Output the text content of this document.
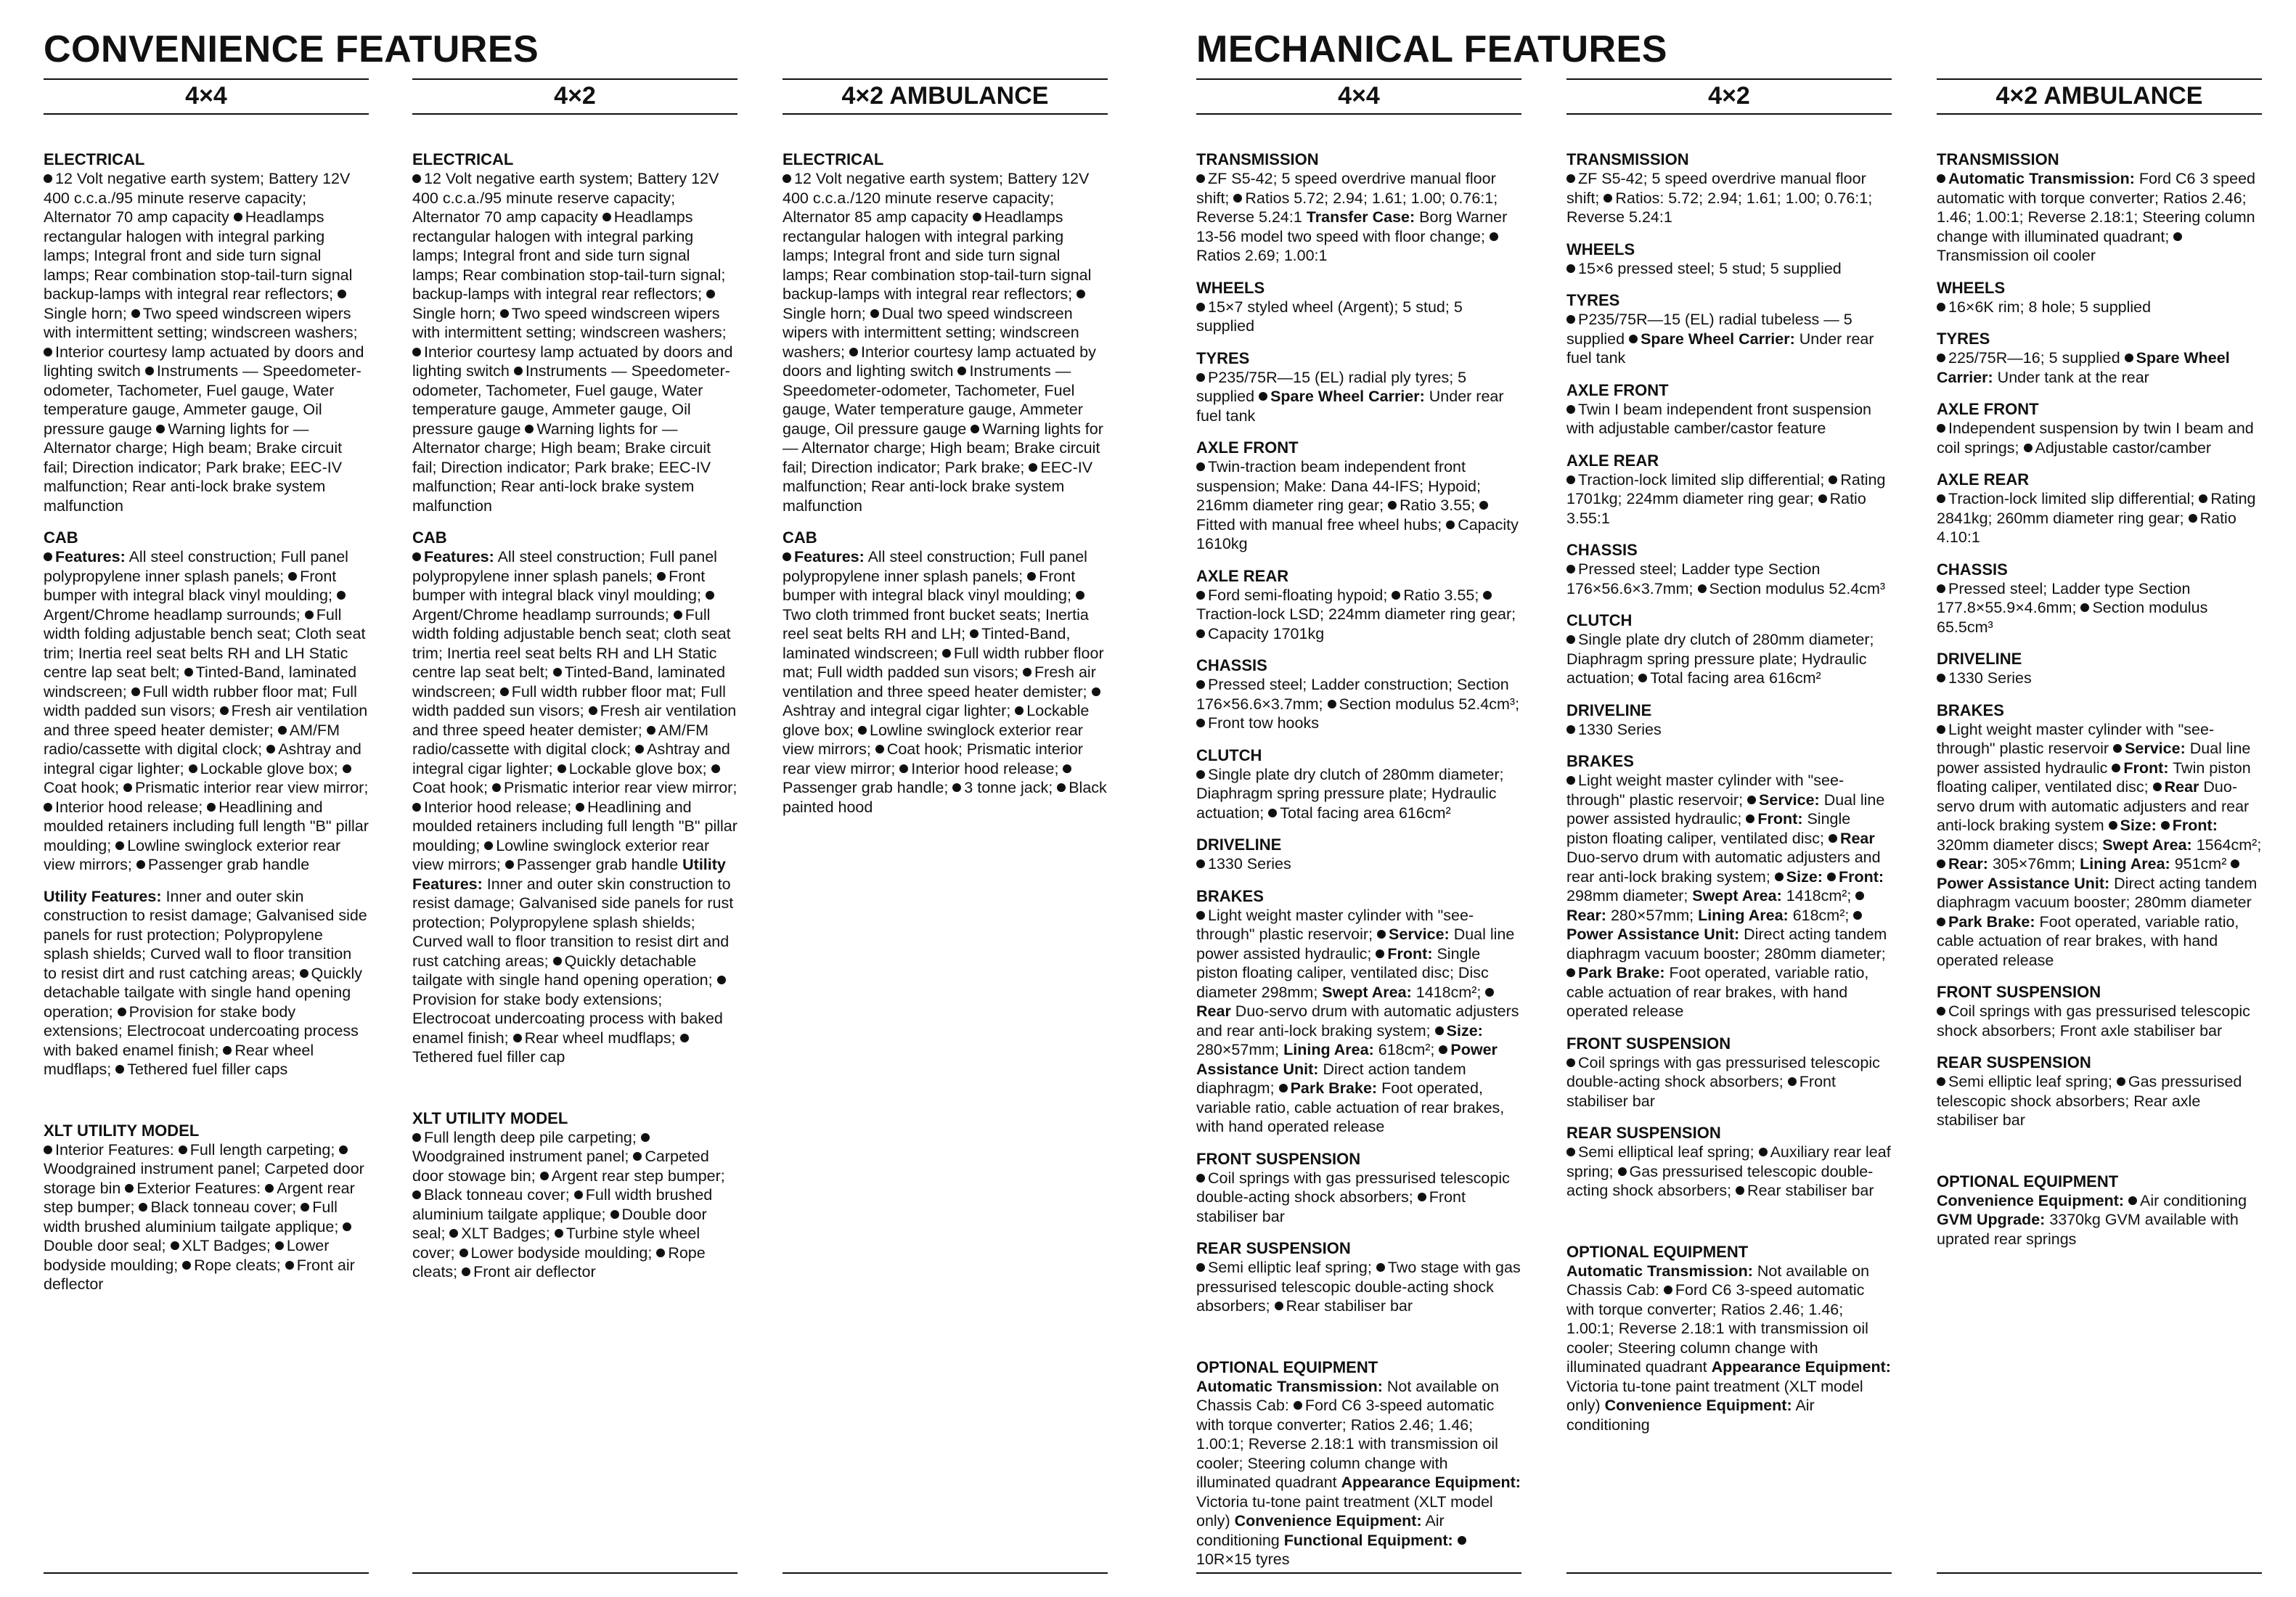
CONVENIENCE FEATURES	MECHANICAL FEATURES
4×4
ELECTRICAL
12 Volt negative earth system; Battery 12V 400 c.c.a./95 minute reserve capacity; Alternator 70 amp capacity Headlamps rectangular halogen with integral parking lamps; Integral front and side turn signal lamps; Rear combination stop-tail-turn signal backup-lamps with integral rear reflectors; Single horn; Two speed windscreen wipers with intermittent setting; windscreen washers; Interior courtesy lamp actuated by doors and lighting switch Instruments — Speedometer-odometer, Tachometer, Fuel gauge, Water temperature gauge, Ammeter gauge, Oil pressure gauge Warning lights for — Alternator charge; High beam; Brake circuit fail; Direction indicator; Park brake; EEC-IV malfunction; Rear anti-lock brake system malfunction
CAB
Features: All steel construction; Full panel polypropylene inner splash panels; Front bumper with integral black vinyl moulding; Argent/Chrome headlamp surrounds; Full width folding adjustable bench seat; Cloth seat trim; Inertia reel seat belts RH and LH Static centre lap seat belt; Tinted-Band, laminated windscreen; Full width rubber floor mat; Full width padded sun visors; Fresh air ventilation and three speed heater demister; AM/FM radio/cassette with digital clock; Ashtray and integral cigar lighter; Lockable glove box; Coat hook; Prismatic interior rear view mirror; Interior hood release; Headlining and moulded retainers including full length "B" pillar moulding; Lowline swinglock exterior rear view mirrors; Passenger grab handle
Utility Features: Inner and outer skin construction to resist damage; Galvanised side panels for rust protection; Polypropylene splash shields; Curved wall to floor transition to resist dirt and rust catching areas; Quickly detachable tailgate with single hand opening operation; Provision for stake body extensions; Electrocoat undercoating process with baked enamel finish; Rear wheel mudflaps; Tethered fuel filler caps
XLT UTILITY MODEL
Interior Features: Full length carpeting; Woodgrained instrument panel; Carpeted door storage bin Exterior Features: Argent rear step bumper; Black tonneau cover; Full width brushed aluminium tailgate applique; Double door seal; XLT Badges; Lower bodyside moulding; Rope cleats; Front air deflector
4×2
ELECTRICAL
12 Volt negative earth system; Battery 12V 400 c.c.a./95 minute reserve capacity; Alternator 70 amp capacity Headlamps rectangular halogen with integral parking lamps; Integral front and side turn signal lamps; Rear combination stop-tail-turn signal; backup-lamps with integral rear reflectors; Single horn; Two speed windscreen wipers with intermittent setting; windscreen washers; Interior courtesy lamp actuated by doors and lighting switch Instruments — Speedometer-odometer, Tachometer, Fuel gauge, Water temperature gauge, Ammeter gauge, Oil pressure gauge Warning lights for — Alternator charge; High beam; Brake circuit fail; Direction indicator; Park brake; EEC-IV malfunction; Rear anti-lock brake system malfunction
CAB
Features: All steel construction; Full panel polypropylene inner splash panels; Front bumper with integral black vinyl moulding; Argent/Chrome headlamp surrounds; Full width folding adjustable bench seat; cloth seat trim; Inertia reel seat belts RH and LH Static centre lap seat belt; Tinted-Band, laminated windscreen; Full width rubber floor mat; Full width padded sun visors; Fresh air ventilation and three speed heater demister; AM/FM radio/cassette with digital clock; Ashtray and integral cigar lighter; Lockable glove box; Coat hook; Prismatic interior rear view mirror; Interior hood release; Headlining and moulded retainers including full length "B" pillar moulding; Lowline swinglock exterior rear view mirrors; Passenger grab handle Utility Features: Inner and outer skin construction to resist damage; Galvanised side panels for rust protection; Polypropylene splash shields; Curved wall to floor transition to resist dirt and rust catching areas; Quickly detachable tailgate with single hand opening operation; Provision for stake body extensions; Electrocoat undercoating process with baked enamel finish; Rear wheel mudflaps; Tethered fuel filler cap
XLT UTILITY MODEL
Full length deep pile carpeting; Woodgrained instrument panel; Carpeted door stowage bin; Argent rear step bumper; Black tonneau cover; Full width brushed aluminium tailgate applique; Double door seal; XLT Badges; Turbine style wheel cover; Lower bodyside moulding; Rope cleats; Front air deflector
4×2 AMBULANCE
ELECTRICAL
12 Volt negative earth system; Battery 12V 400 c.c.a./120 minute reserve capacity; Alternator 85 amp capacity Headlamps rectangular halogen with integral parking lamps; Integral front and side turn signal lamps; Rear combination stop-tail-turn signal backup-lamps with integral rear reflectors; Single horn; Dual two speed windscreen wipers with intermittent setting; windscreen washers; Interior courtesy lamp actuated by doors and lighting switch Instruments — Speedometer-odometer, Tachometer, Fuel gauge, Water temperature gauge, Ammeter gauge, Oil pressure gauge Warning lights for — Alternator charge; High beam; Brake circuit fail; Direction indicator; Park brake; EEC-IV malfunction; Rear anti-lock brake system malfunction
CAB
Features: All steel construction; Full panel polypropylene inner splash panels; Front bumper with integral black vinyl moulding; Two cloth trimmed front bucket seats; Inertia reel seat belts RH and LH; Tinted-Band, laminated windscreen; Full width rubber floor mat; Full width padded sun visors; Fresh air ventilation and three speed heater demister; Ashtray and integral cigar lighter; Lockable glove box; Lowline swinglock exterior rear view mirrors; Coat hook; Prismatic interior rear view mirror; Interior hood release; Passenger grab handle; 3 tonne jack; Black painted hood
4×4
TRANSMISSION
ZF S5-42; 5 speed overdrive manual floor shift; Ratios 5.72; 2.94; 1.61; 1.00; 0.76:1; Reverse 5.24:1 Transfer Case: Borg Warner 13-56 model two speed with floor change; Ratios 2.69; 1.00:1
WHEELS
15×7 styled wheel (Argent); 5 stud; 5 supplied
TYRES
P235/75R—15 (EL) radial ply tyres; 5 supplied Spare Wheel Carrier: Under rear fuel tank
AXLE FRONT
Twin-traction beam independent front suspension; Make: Dana 44-IFS; Hypoid; 216mm diameter ring gear; Ratio 3.55; Fitted with manual free wheel hubs; Capacity 1610kg
AXLE REAR
Ford semi-floating hypoid; Ratio 3.55; Traction-lock LSD; 224mm diameter ring gear; Capacity 1701kg
CHASSIS
Pressed steel; Ladder construction; Section 176×56.6×3.7mm; Section modulus 52.4cm³; Front tow hooks
CLUTCH
Single plate dry clutch of 280mm diameter; Diaphragm spring pressure plate; Hydraulic actuation; Total facing area 616cm²
DRIVELINE
1330 Series
BRAKES
Light weight master cylinder with "see-through" plastic reservoir; Service: Dual line power assisted hydraulic; Front: Single piston floating caliper, ventilated disc; Disc diameter 298mm; Swept Area: 1418cm²; Rear Duo-servo drum with automatic adjusters and rear anti-lock braking system; Size: 280×57mm; Lining Area: 618cm²; Power Assistance Unit: Direct action tandem diaphragm; Park Brake: Foot operated, variable ratio, cable actuation of rear brakes, with hand operated release
FRONT SUSPENSION
Coil springs with gas pressurised telescopic double-acting shock absorbers; Front stabiliser bar
REAR SUSPENSION
Semi elliptic leaf spring; Two stage with gas pressurised telescopic double-acting shock absorbers; Rear stabiliser bar
OPTIONAL EQUIPMENT
Automatic Transmission: Not available on Chassis Cab: Ford C6 3-speed automatic with torque converter; Ratios 2.46; 1.46; 1.00:1; Reverse 2.18:1 with transmission oil cooler; Steering column change with illuminated quadrant Appearance Equipment: Victoria tu-tone paint treatment (XLT model only) Convenience Equipment: Air conditioning Functional Equipment: 10R×15 tyres
4×2
TRANSMISSION
ZF S5-42; 5 speed overdrive manual floor shift; Ratios: 5.72; 2.94; 1.61; 1.00; 0.76:1; Reverse 5.24:1
WHEELS
15×6 pressed steel; 5 stud; 5 supplied
TYRES
P235/75R—15 (EL) radial tubeless — 5 supplied Spare Wheel Carrier: Under rear fuel tank
AXLE FRONT
Twin I beam independent front suspension with adjustable camber/castor feature
AXLE REAR
Traction-lock limited slip differential; Rating 1701kg; 224mm diameter ring gear; Ratio 3.55:1
CHASSIS
Pressed steel; Ladder type Section 176×56.6×3.7mm; Section modulus 52.4cm³
CLUTCH
Single plate dry clutch of 280mm diameter; Diaphragm spring pressure plate; Hydraulic actuation; Total facing area 616cm²
DRIVELINE
1330 Series
BRAKES
Light weight master cylinder with "see-through" plastic reservoir; Service: Dual line power assisted hydraulic; Front: Single piston floating caliper, ventilated disc; Rear Duo-servo drum with automatic adjusters and rear anti-lock braking system; Size: Front: 298mm diameter; Swept Area: 1418cm²; Rear: 280×57mm; Lining Area: 618cm²; Power Assistance Unit: Direct acting tandem diaphragm vacuum booster; 280mm diameter; Park Brake: Foot operated, variable ratio, cable actuation of rear brakes, with hand operated release
FRONT SUSPENSION
Coil springs with gas pressurised telescopic double-acting shock absorbers; Front stabiliser bar
REAR SUSPENSION
Semi elliptical leaf spring; Auxiliary rear leaf spring; Gas pressurised telescopic double-acting shock absorbers; Rear stabiliser bar
OPTIONAL EQUIPMENT
Automatic Transmission: Not available on Chassis Cab: Ford C6 3-speed automatic with torque converter; Ratios 2.46; 1.46; 1.00:1; Reverse 2.18:1 with transmission oil cooler; Steering column change with illuminated quadrant Appearance Equipment: Victoria tu-tone paint treatment (XLT model only) Convenience Equipment: Air conditioning
4×2 AMBULANCE
TRANSMISSION
Automatic Transmission: Ford C6 3 speed automatic with torque converter; Ratios 2.46; 1.46; 1.00:1; Reverse 2.18:1; Steering column change with illuminated quadrant; Transmission oil cooler
WHEELS
16×6K rim; 8 hole; 5 supplied
TYRES
225/75R—16; 5 supplied Spare Wheel Carrier: Under tank at the rear
AXLE FRONT
Independent suspension by twin I beam and coil springs; Adjustable castor/camber
AXLE REAR
Traction-lock limited slip differential; Rating 2841kg; 260mm diameter ring gear; Ratio 4.10:1
CHASSIS
Pressed steel; Ladder type Section 177.8×55.9×4.6mm; Section modulus 65.5cm³
DRIVELINE
1330 Series
BRAKES
Light weight master cylinder with "see-through" plastic reservoir Service: Dual line power assisted hydraulic Front: Twin piston floating caliper, ventilated disc; Rear Duo-servo drum with automatic adjusters and rear anti-lock braking system Size: Front: 320mm diameter discs; Swept Area: 1564cm²; Rear: 305×76mm; Lining Area: 951cm² Power Assistance Unit: Direct acting tandem diaphragm vacuum booster; 280mm diameter Park Brake: Foot operated, variable ratio, cable actuation of rear brakes, with hand operated release
FRONT SUSPENSION
Coil springs with gas pressurised telescopic shock absorbers; Front axle stabiliser bar
REAR SUSPENSION
Semi elliptic leaf spring; Gas pressurised telescopic shock absorbers; Rear axle stabiliser bar
OPTIONAL EQUIPMENT
Convenience Equipment: Air conditioning GVM Upgrade: 3370kg GVM available with uprated rear springs
